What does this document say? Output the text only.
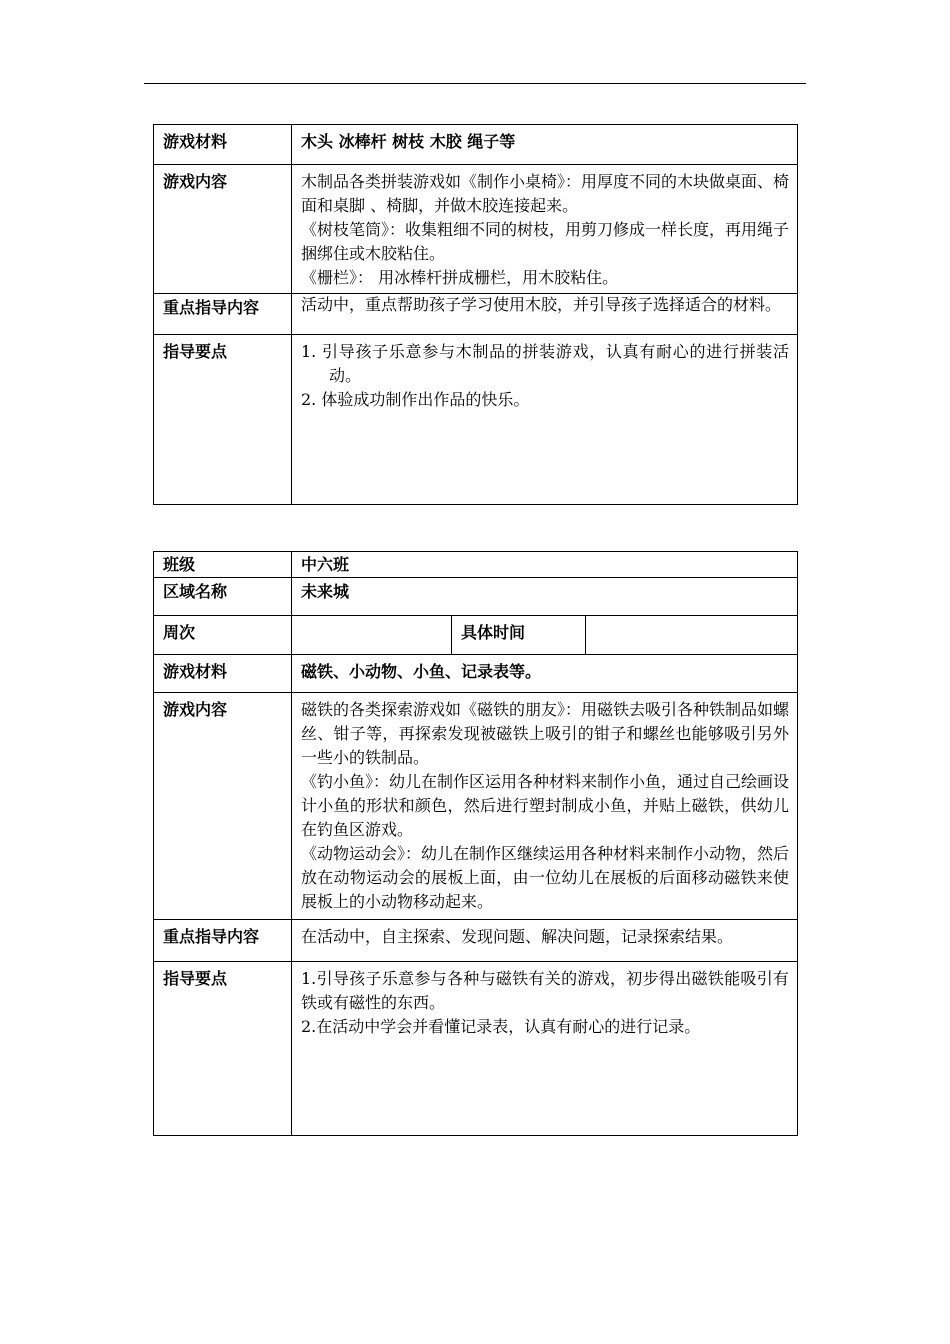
游戏材料	木头 冰棒杆 树枝 木胶 绳子等
游戏内容	木制品各类拼装游戏如《制作小桌椅》：用厚度不同的木块做桌面、椅面和桌脚 、椅脚，并做木胶连接起来。

《树枝笔筒》：收集粗细不同的树枝，用剪刀修成一样长度，再用绳子捆绑住或木胶粘住。

《栅栏》： 用冰棒杆拼成栅栏，用木胶粘住。

重点指导内容	活动中，重点帮助孩子学习使用木胶，并引导孩子选择适合的材料。
指导要点	1. 引导孩子乐意参与木制品的拼装游戏，认真有耐心的进行拼装活动。

2. 体验成功制作出作品的快乐。

班级	中六班		
区域名称	未来城		
周次		具体时间	
游戏材料	磁铁、小动物、小鱼、记录表等。		
游戏内容	磁铁的各类探索游戏如《磁铁的朋友》：用磁铁去吸引各种铁制品如螺丝、钳子等，再探索发现被磁铁上吸引的钳子和螺丝也能够吸引另外一些小的铁制品。

《钓小鱼》：幼儿在制作区运用各种材料来制作小鱼，通过自己绘画设计小鱼的形状和颜色，然后进行塑封制成小鱼，并贴上磁铁，供幼儿在钓鱼区游戏。

《动物运动会》：幼儿在制作区继续运用各种材料来制作小动物，然后放在动物运动会的展板上面，由一位幼儿在展板的后面移动磁铁来使展板上的小动物移动起来。		

重点指导内容	在活动中，自主探索、发现问题、解决问题，记录探索结果。		
指导要点	1.引导孩子乐意参与各种与磁铁有关的游戏，初步得出磁铁能吸引有铁或有磁性的东西。

2.在活动中学会并看懂记录表，认真有耐心的进行记录。		
